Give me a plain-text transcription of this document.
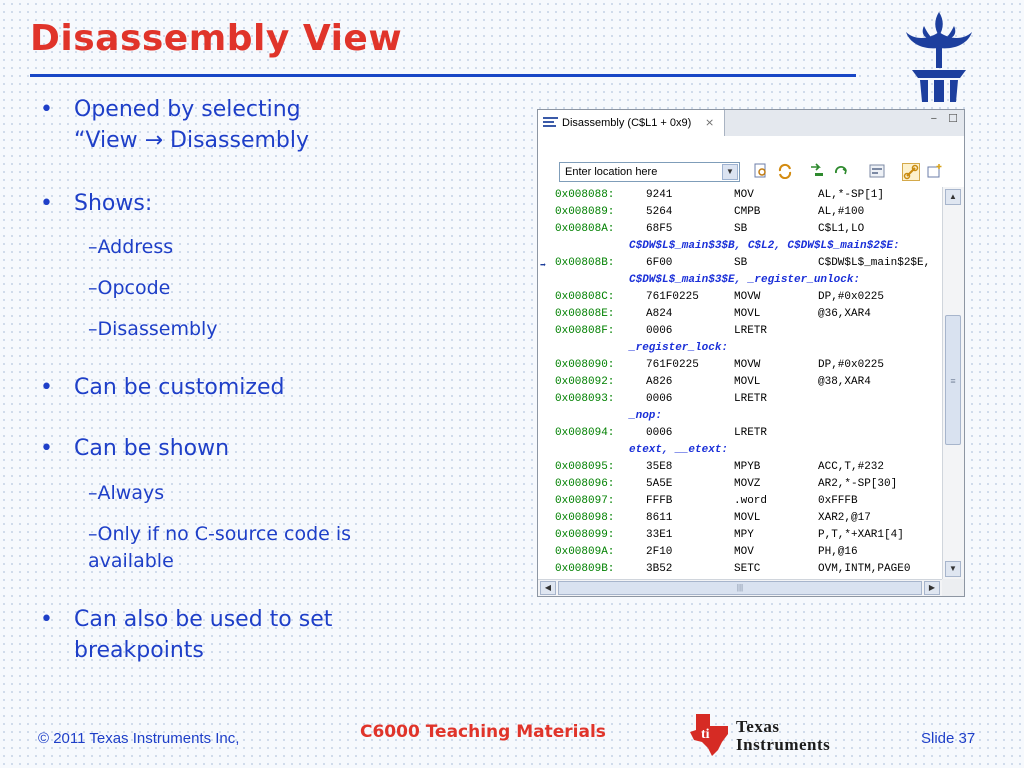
Disassembly View
• Opened by selecting
“View → Disassembly
• Shows:
–Address
–Opcode
–Disassembly
• Can be customized
• Can be shown
–Always
–Only if no C-source code is
available
• Can also be used to set
breakpoints
Disassembly (C$L1 + 0x9) ⨯	− ☐
Enter location here	▼
0x008088:	9241	MOV	AL,*-SP[1]
0x008089:	5264	CMPB	AL,#100
0x00808A:	68F5	SB	C$L1,LO
C$DW$L$_main$3$B, C$L2, C$DW$L$_main$2$E:
➡ 0x00808B:	6F00	SB	C$DW$L$_main$2$E,
C$DW$L$_main$3$E, _register_unlock:
0x00808C:	761F0225	MOVW	DP,#0x0225
0x00808E:	A824	MOVL	@36,XAR4
0x00808F:	0006	LRETR
_register_lock:
0x008090:	761F0225	MOVW	DP,#0x0225
0x008092:	A826	MOVL	@38,XAR4
0x008093:	0006	LRETR
_nop:
0x008094:	0006	LRETR
etext, __etext:
0x008095:	35E8	MPYB	ACC,T,#232
0x008096:	5A5E	MOVZ	AR2,*-SP[30]
0x008097:	FFFB	.word	0xFFFB
0x008098:	8611	MOVL	XAR2,@17
0x008099:	33E1	MPY	P,T,*+XAR1[4]
0x00809A:	2F10	MOV	PH,@16
0x00809B:	3B52	SETC	OVM,INTM,PAGE0
▲
≡
▼
◀	|||	▶
© 2011 Texas Instruments Inc,	C6000 Teaching Materials	ti Texas
Instruments	Slide 37
